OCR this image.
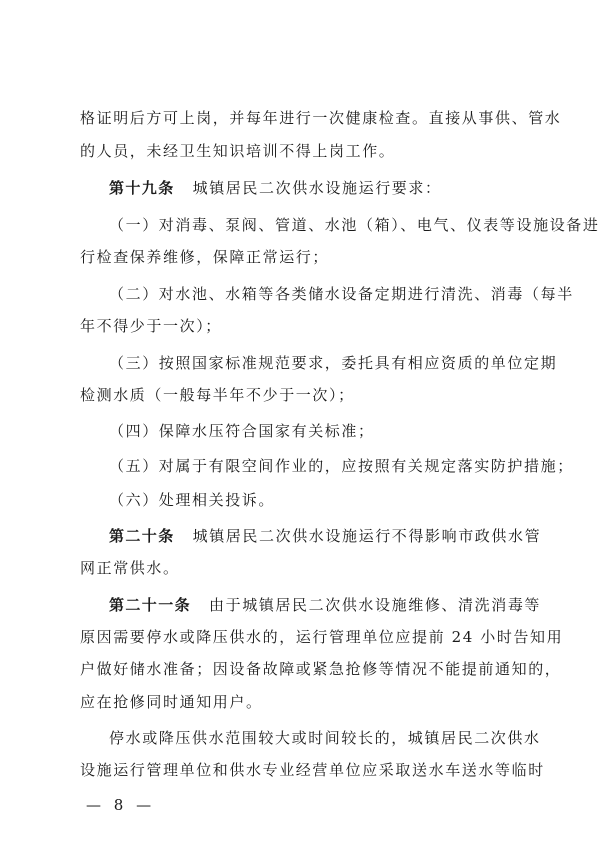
格证明后方可上岗，并每年进行一次健康检查。直接从事供、管水
的人员，未经卫生知识培训不得上岗工作。
第十九条 城镇居民二次供水设施运行要求：
（一）对消毒、泵阀、管道、水池（箱）、电气、仪表等设施设备进
行检查保养维修，保障正常运行；
（二）对水池、水箱等各类储水设备定期进行清洗、消毒（每半
年不得少于一次）；
（三）按照国家标准规范要求，委托具有相应资质的单位定期
检测水质（一般每半年不少于一次）；
（四）保障水压符合国家有关标准；
（五）对属于有限空间作业的，应按照有关规定落实防护措施；
（六）处理相关投诉。
第二十条 城镇居民二次供水设施运行不得影响市政供水管
网正常供水。
第二十一条 由于城镇居民二次供水设施维修、清洗消毒等
原因需要停水或降压供水的，运行管理单位应提前 24 小时告知用
户做好储水准备；因设备故障或紧急抢修等情况不能提前通知的，
应在抢修同时通知用户。
停水或降压供水范围较大或时间较长的，城镇居民二次供水
设施运行管理单位和供水专业经营单位应采取送水车送水等临时
— 8 —
